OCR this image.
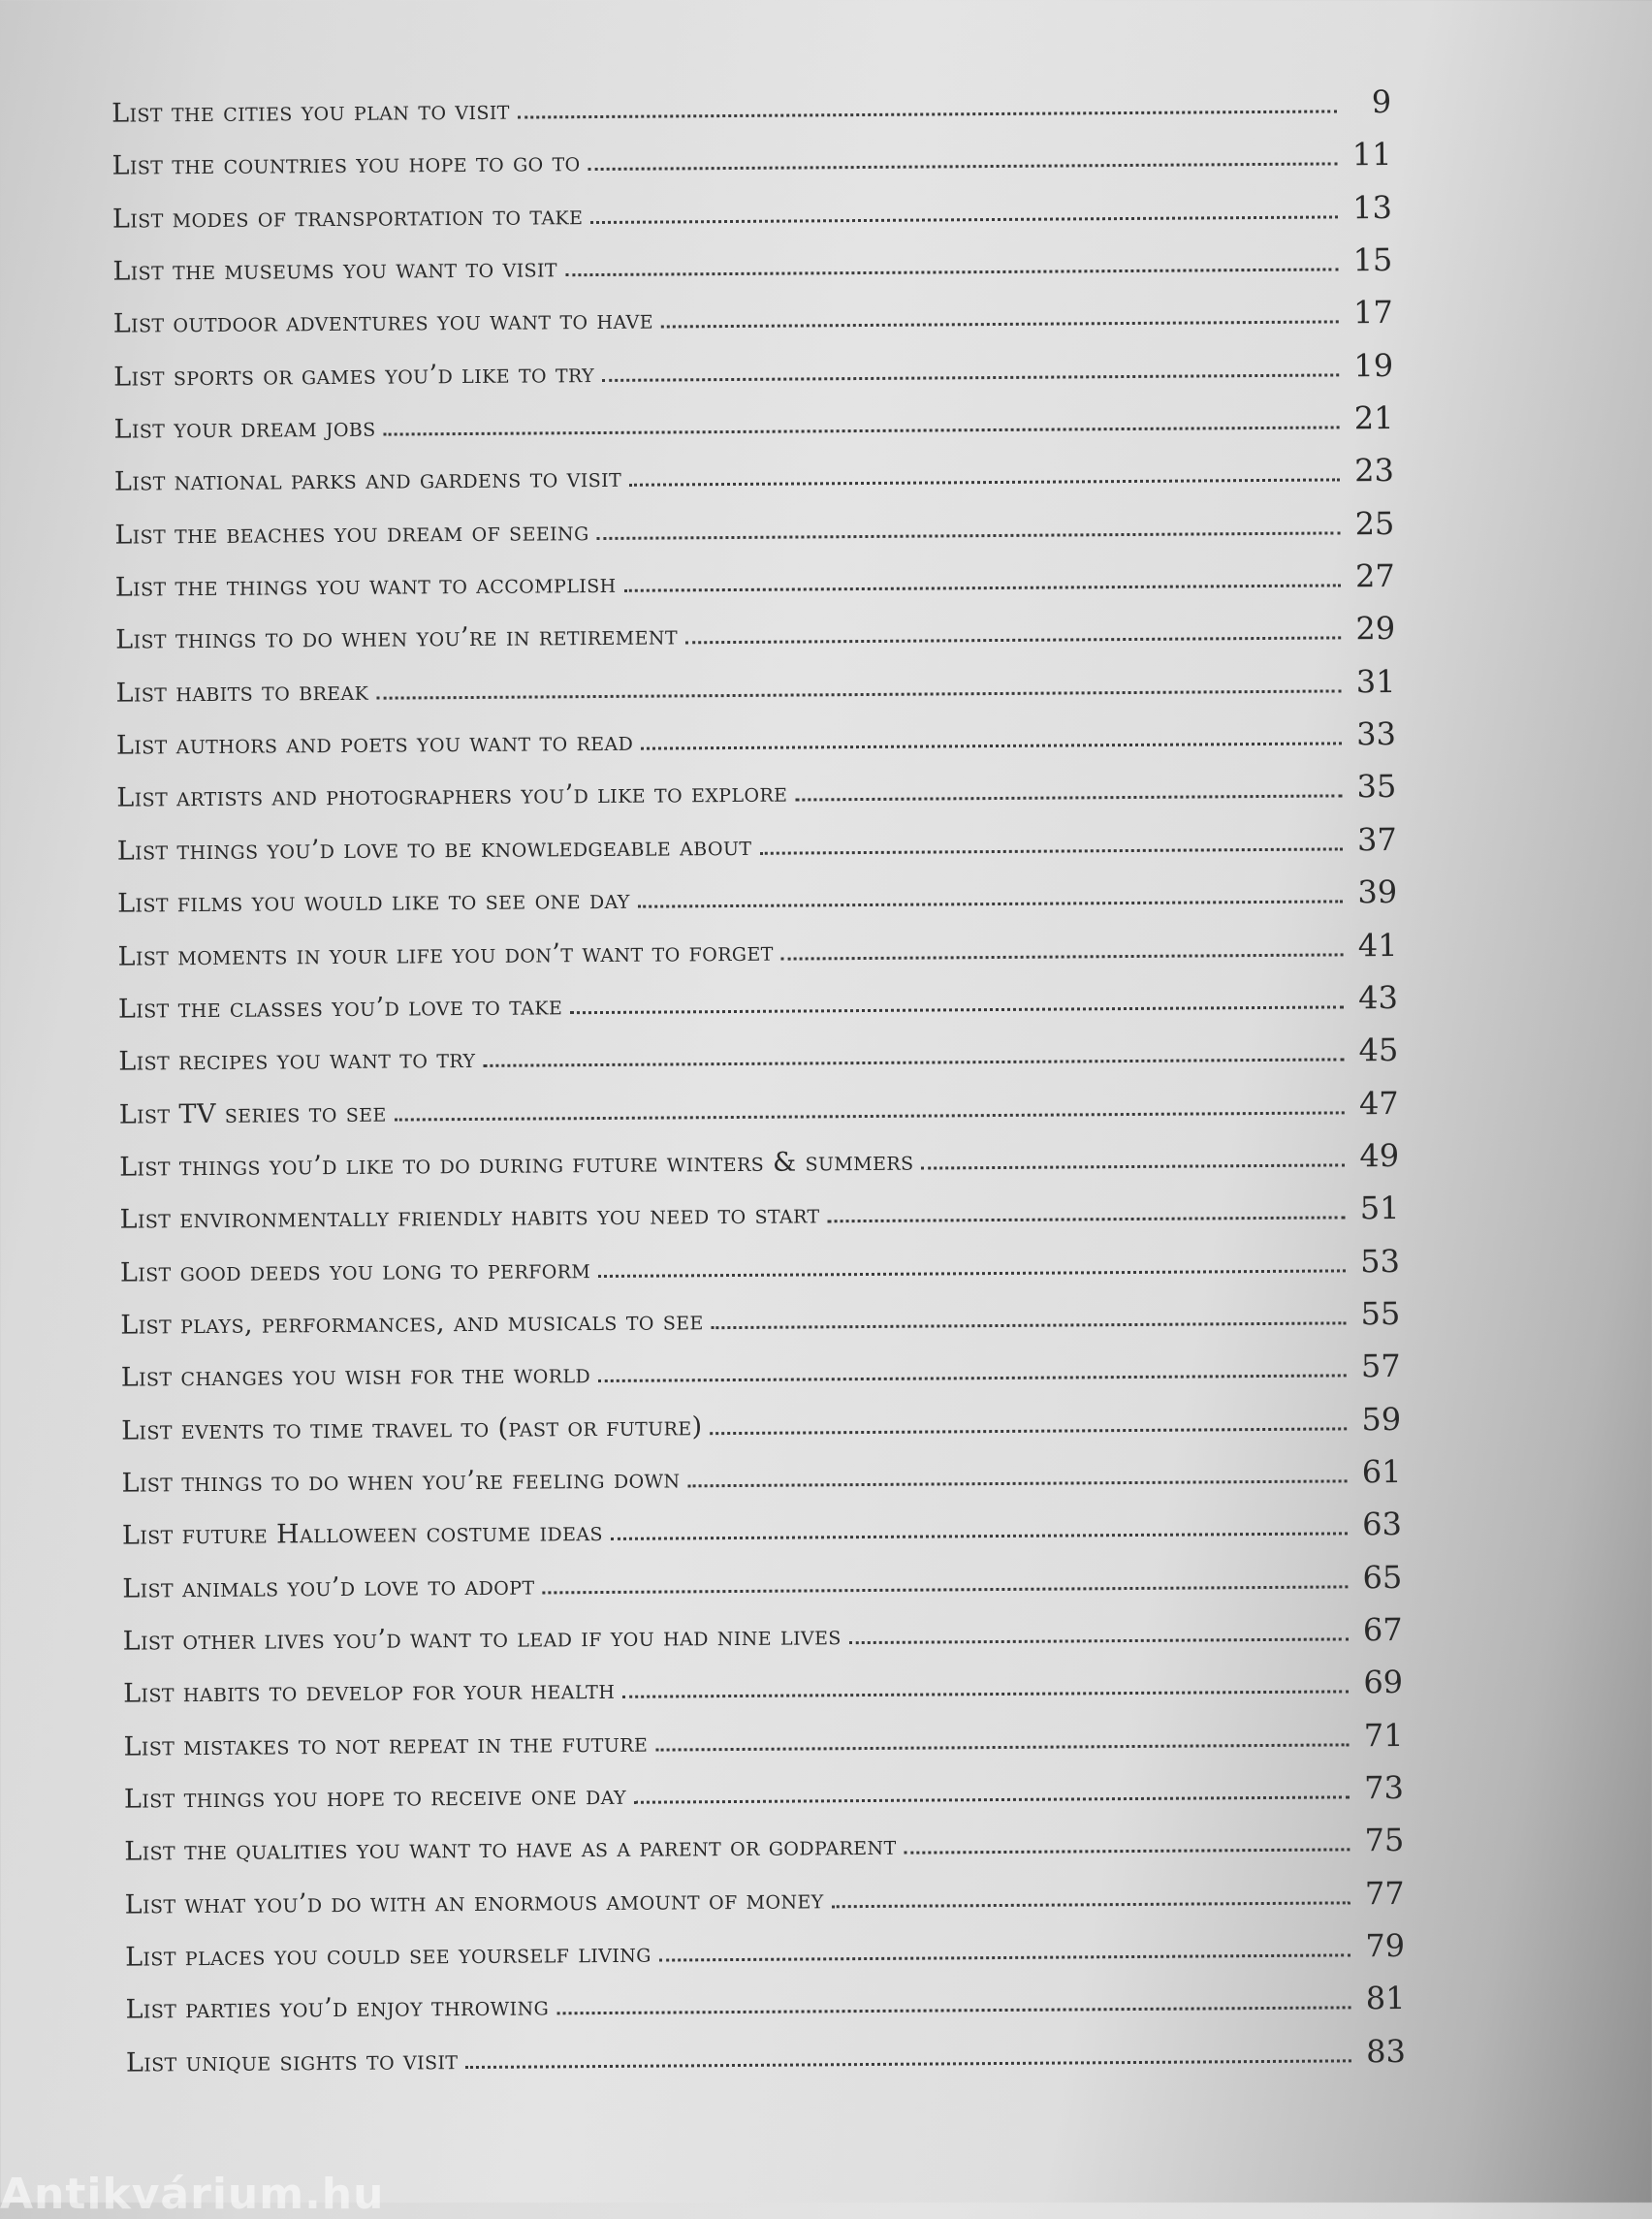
List the cities you plan to visit	9
List the countries you hope to go to	11
List modes of transportation to take	13
List the museums you want to visit	15
List outdoor adventures you want to have	17
List sports or games you’d like to try	19
List your dream jobs	21
List national parks and gardens to visit	23
List the beaches you dream of seeing	25
List the things you want to accomplish	27
List things to do when you’re in retirement	29
List habits to break	31
List authors and poets you want to read	33
List artists and photographers you’d like to explore	35
List things you’d love to be knowledgeable about	37
List films you would like to see one day	39
List moments in your life you don’t want to forget	41
List the classes you’d love to take	43
List recipes you want to try	45
List TV series to see	47
List things you’d like to do during future winters & summers	49
List environmentally friendly habits you need to start	51
List good deeds you long to perform	53
List plays, performances, and musicals to see	55
List changes you wish for the world	57
List events to time travel to (past or future)	59
List things to do when you’re feeling down	61
List future Halloween costume ideas	63
List animals you’d love to adopt	65
List other lives you’d want to lead if you had nine lives	67
List habits to develop for your health	69
List mistakes to not repeat in the future	71
List things you hope to receive one day	73
List the qualities you want to have as a parent or godparent	75
List what you’d do with an enormous amount of money	77
List places you could see yourself living	79
List parties you’d enjoy throwing	81
List unique sights to visit	83
Antikvárium.hu
